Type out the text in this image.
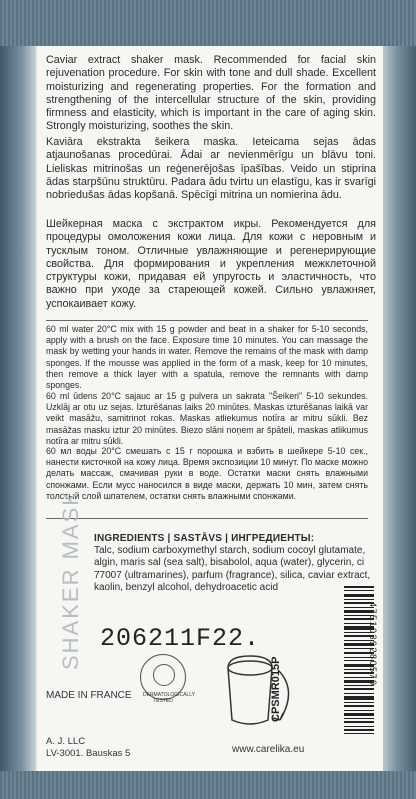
Caviar extract shaker mask. Recommended for facial skin rejuvenation procedure. For skin with tone and dull shade. Excellent moisturizing and regenerating properties. For the formation and strengthening of the intercellular structure of the skin, providing firmness and elasticity, which is important in the care of aging skin. Strongly moisturizing, soothes the skin.
Kaviāra ekstrakta šeikera maska. Ieteicama sejas ādas atjaunošanas procedūrai. Ādai ar nevienmērīgu un blāvu toni. Lieliskas mitrinošas un reģenerējošas īpašības. Veido un stiprina ādas starpšūnu struktūru. Padara ādu tvirtu un elastīgu, kas ir svarīgi nobriedušas ādas kopšanā. Spēcīgi mitrina un nomierina ādu.
Шейкерная маска с экстрактом икры. Рекомендуется для процедуры омоложения кожи лица. Для кожи с неровным и тусклым тоном. Отличные увлажняющие и регенерирующие свойства. Для формирования и укрепления межклеточной структуры кожи, придавая ей упругость и эластичность, что важно при уходе за стареющей кожей. Сильно увлажняет, успокаивает кожу.
60 ml water 20°C mix with 15 g powder and beat in a shaker for 5-10 seconds, apply with a brush on the face. Exposure time 10 minutes. You can massage the mask by wetting your hands in water. Remove the remains of the mask with damp sponges. If the mousse was applied in the form of a mask, keep for 10 minutes, then remove a thick layer with a spatula, remove the remnants with damp sponges.
60 ml ūdens 20°C sajauc ar 15 g pulvera un sakrata "Šeikeri" 5-10 sekundes. Uzklāj ar otu uz sejas. Izturēšanas laiks 20 minūtes. Maskas izturēšanas laikā var veikt masāžu, samitrinot rokas. Maskas atliekumus notīra ar mitru sūkli. Bez masāžas masku iztur 20 minūtes. Biezo slāni noņem ar špāteli, maskas atlikumus notīra ar mitru sūkli.
60 мл воды 20°С смешать с 15 г порошка и взбить в шейкере 5-10 сек., нанести кисточкой на кожу лица. Время экспозиции 10 минут. По маске можно делать массаж, смачивая руки в воде. Остатки маски снять влажными спонжами. Если мусс наносился в виде маски, держать 10 мин, затем снять толстый слой шпателем, остатки снять влажными спонжами.
INGREDIENTS | SASTĀVS | ИНГРЕДИЕНТЫ:
Talc, sodium carboxymethyl starch, sodium cocoyl glutamate, algin, maris sal (sea salt), bisabolol, aqua (water), glycerin, ci 77007 (ultramarines), parfum (fragrance), silica, caviar extract, kaolin, benzyl alcohol, dehydroacetic acid
SHAKER MASK 206211F22.
DERMATOLOGICALLY TESTED	CPSMR015P
4751039280579
MADE IN FRANCE
A. J. LLC
LV-3001. Bauskas 5	www.carelika.eu
